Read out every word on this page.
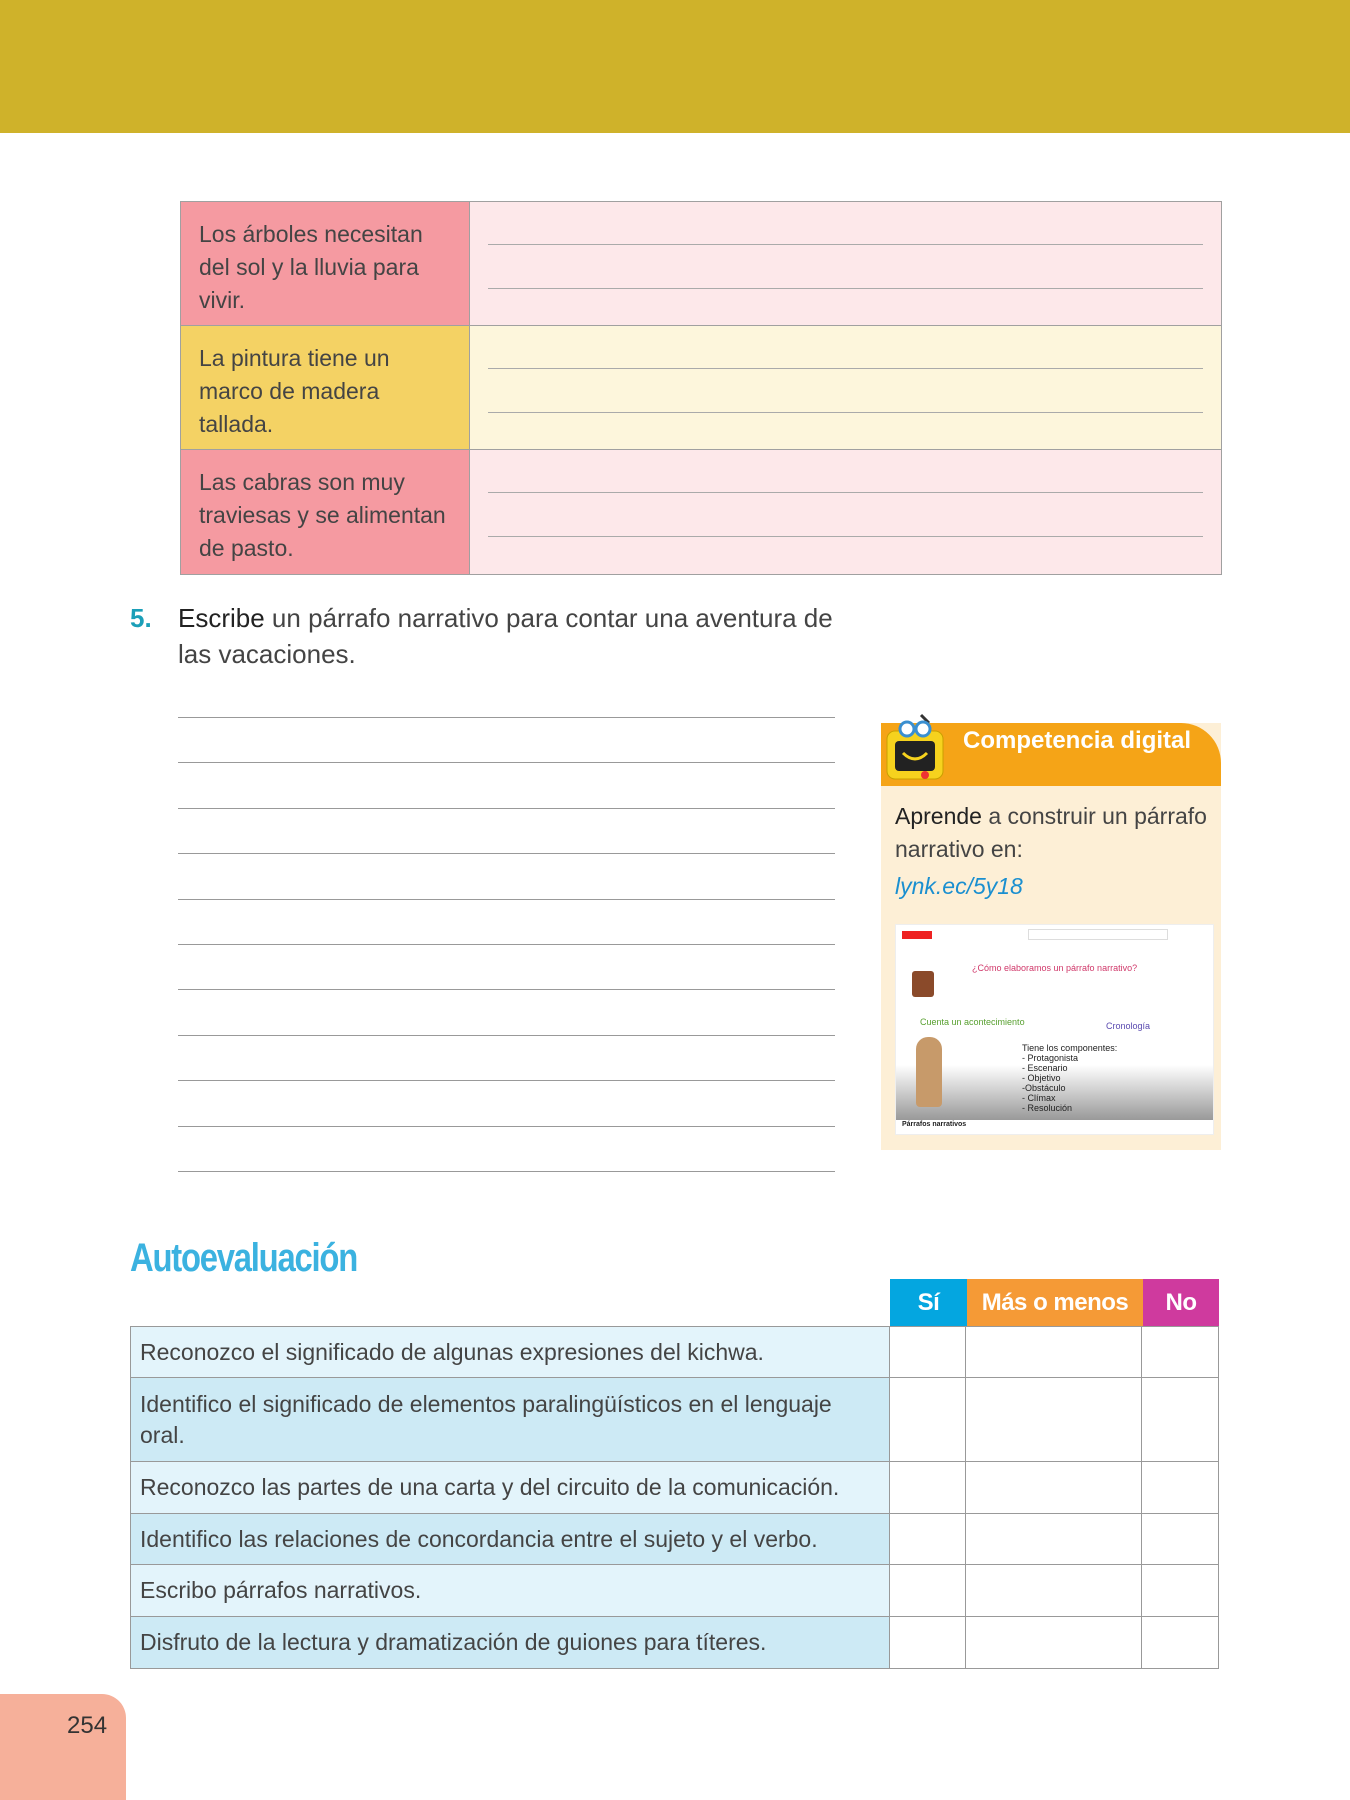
Los árboles necesitan del sol y la lluvia para vivir.
La pintura tiene un marco de madera tallada.
Las cabras son muy traviesas y se alimentan de pasto.
5. Escribe un párrafo narrativo para contar una aventura de las vacaciones.
Competencia digital
Aprende a construir un párrafo narrativo en:
lynk.ec/5y18
¿Cómo elaboramos un párrafo narrativo?
Cuenta un acontecimiento	Cronología
Tiene los componentes:
- Protagonista
- Escenario
- Objetivo
-Obstáculo
- Clímax
- Resolución
Párrafos narrativos
Autoevaluación
Sí	Más o menos	No
Reconozco el significado de algunas expresiones del kichwa.
Identifico el significado de elementos paralingüísticos en el lenguaje oral.
Reconozco las partes de una carta y del circuito de la comunicación.
Identifico las relaciones de concordancia entre el sujeto y el verbo.
Escribo párrafos narrativos.
Disfruto de la lectura y dramatización de guiones para títeres.
254
